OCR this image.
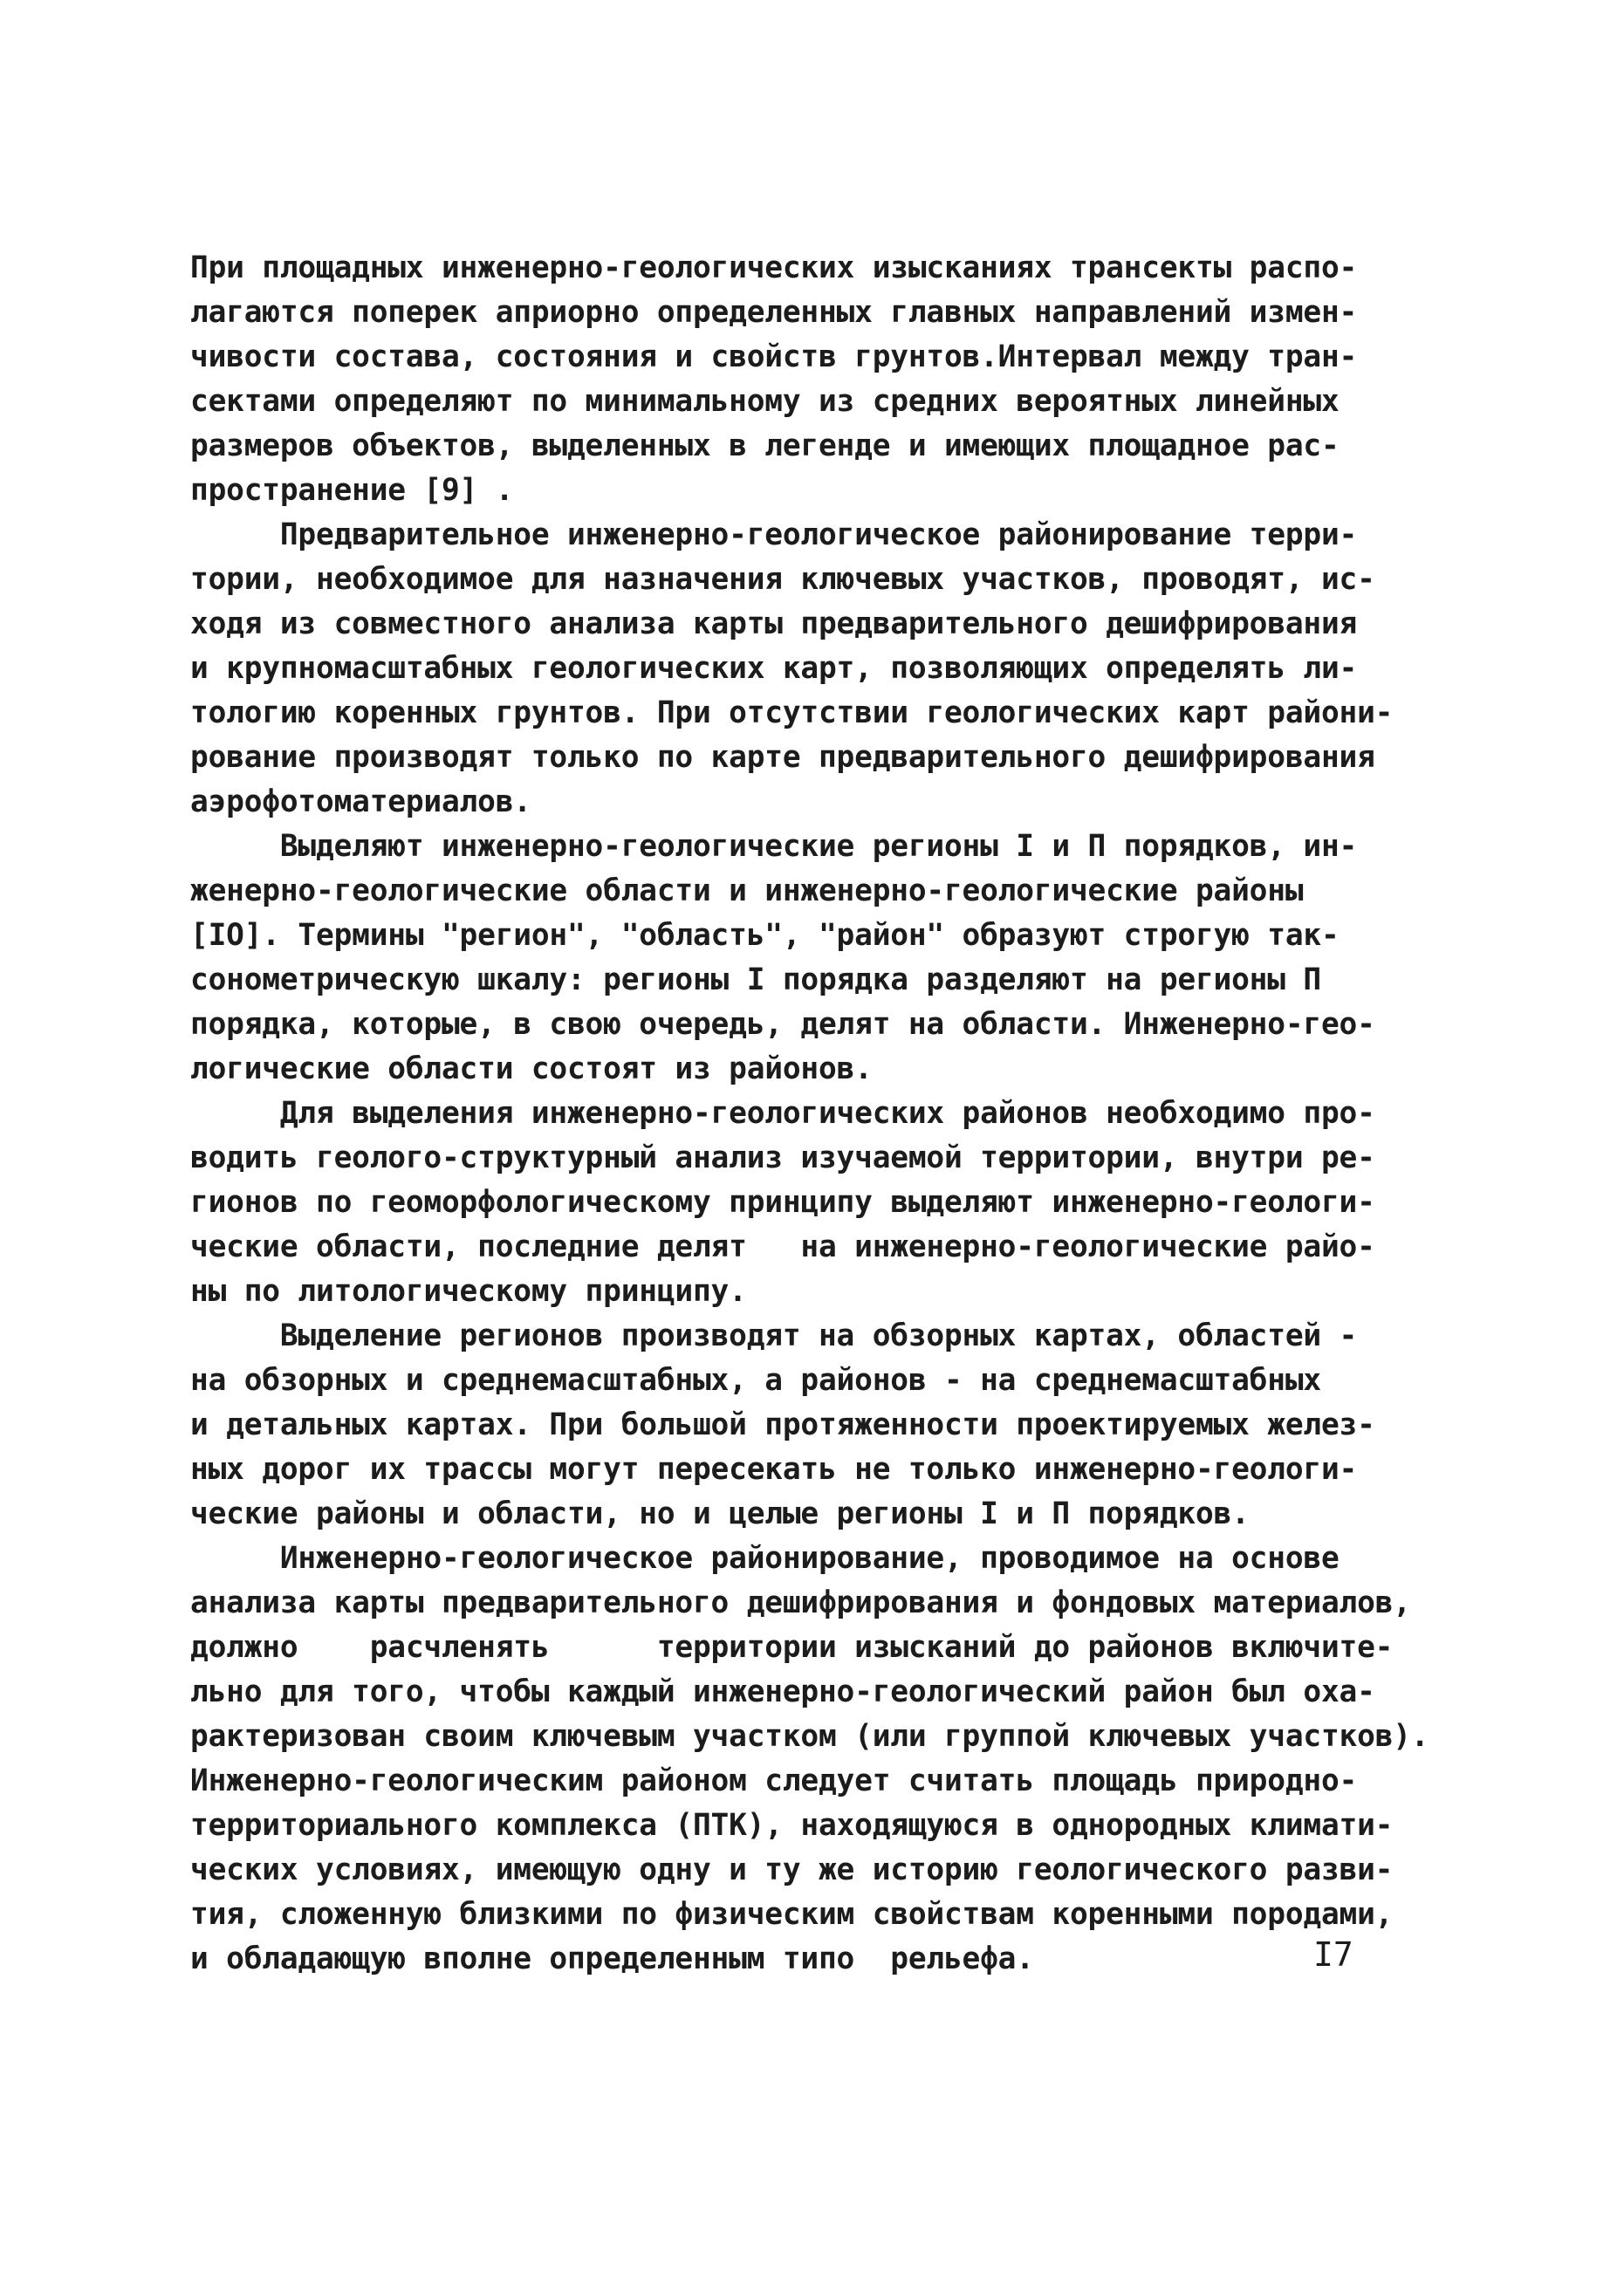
При площадных инженерно-геологических изысканиях трансекты распо-
лагаются поперек априорно определенных главных направлений измен-
чивости состава, состояния и свойств грунтов.Интервал между тран-
сектами определяют по минимальному из средних вероятных линейных
размеров объектов, выделенных в легенде и имеющих площадное рас-
пространение [9] .
Предварительное инженерно-геологическое районирование терри-
тории, необходимое для назначения ключевых участков, проводят, ис-
ходя из совместного анализа карты предварительного дешифрирования
и крупномасштабных геологических карт, позволяющих определять ли-
тологию коренных грунтов. При отсутствии геологических карт райони-
рование производят только по карте предварительного дешифрирования
аэрофотоматериалов.
Выделяют инженерно-геологические регионы I и П порядков, ин-
женерно-геологические области и инженерно-геологические районы
[IO]. Термины "регион", "область", "район" образуют строгую так-
сонометрическую шкалу: регионы I порядка разделяют на регионы П
порядка, которые, в свою очередь, делят на области. Инженерно-гео-
логические области состоят из районов.
Для выделения инженерно-геологических районов необходимо про-
водить геолого-структурный анализ изучаемой территории, внутри ре-
гионов по геоморфологическому принципу выделяют инженерно-геологи-
ческие области, последние делят   на инженерно-геологические райо-
ны по литологическому принципу.
Выделение регионов производят на обзорных картах, областей -
на обзорных и среднемасштабных, а районов - на среднемасштабных
и детальных картах. При большой протяженности проектируемых желез-
ных дорог их трассы могут пересекать не только инженерно-геологи-
ческие районы и области, но и целые регионы I и П порядков.
Инженерно-геологическое районирование, проводимое на основе
анализа карты предварительного дешифрирования и фондовых материалов,
должно    расчленять      территории изысканий до районов включите-
льно для того, чтобы каждый инженерно-геологический район был оха-
рактеризован своим ключевым участком (или группой ключевых участков).
Инженерно-геологическим районом следует считать площадь природно-
территориального комплекса (ПТК), находящуюся в однородных климати-
ческих условиях, имеющую одну и ту же историю геологического разви-
тия, сложенную близкими по физическим свойствам коренными породами,
и обладающую вполне определенным типо  рельефа.	I7
